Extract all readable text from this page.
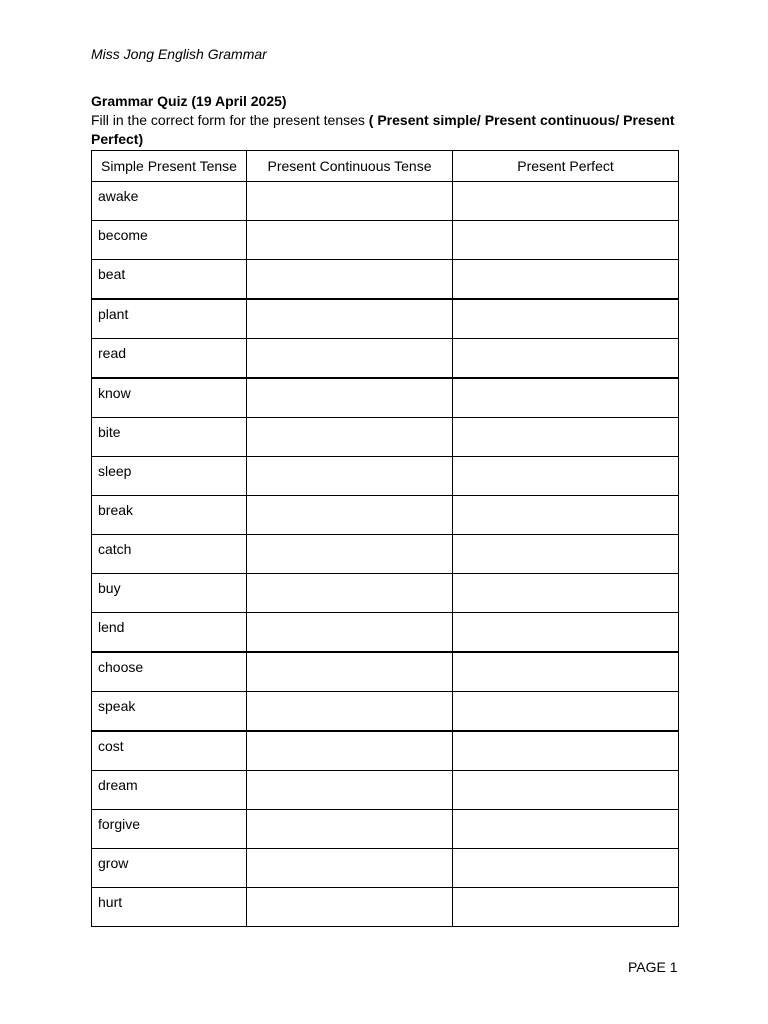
Miss Jong English Grammar
Grammar Quiz (19 April 2025)
Fill in the correct form for the present tenses ( Present simple/ Present continuous/ Present Perfect)
Simple Present Tense	Present Continuous Tense	Present Perfect
awake		
become		
beat		
plant		
read		
know		
bite		
sleep		
break		
catch		
buy		
lend		
choose		
speak		
cost		
dream		
forgive		
grow		
hurt		
PAGE 1
